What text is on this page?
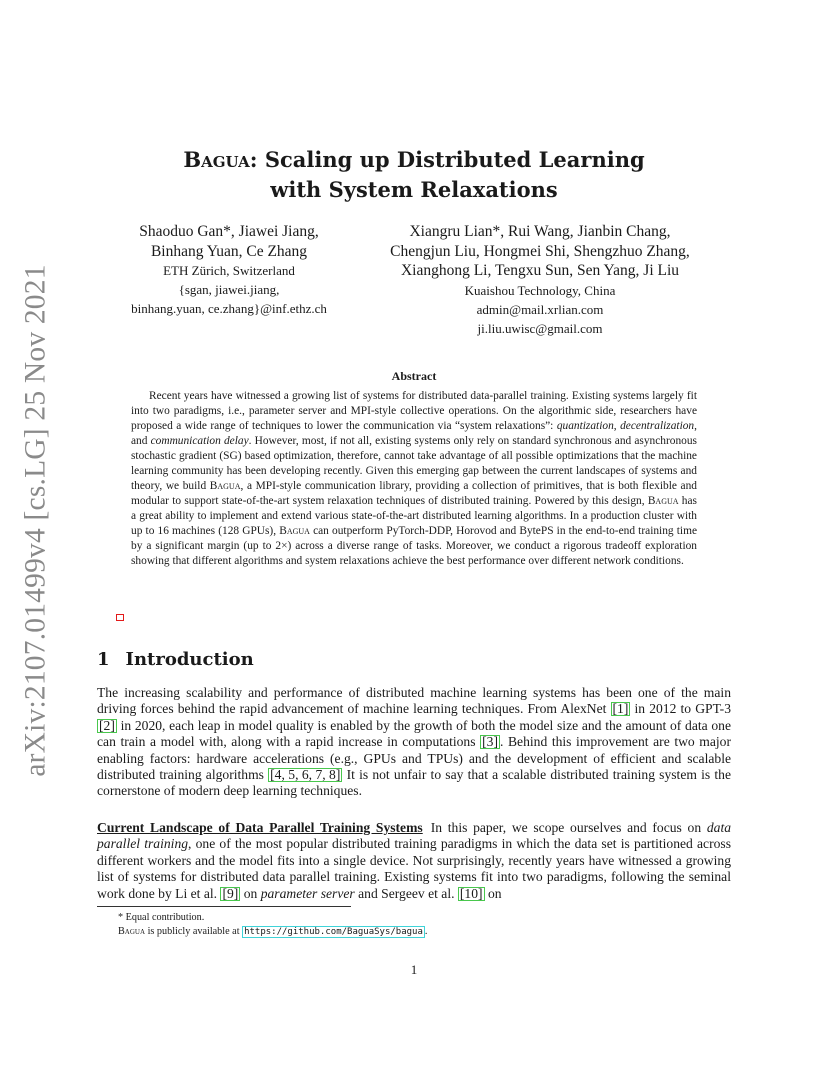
arXiv:2107.01499v4 [cs.LG] 25 Nov 2021
Bagua: Scaling up Distributed Learning
with System Relaxations
Shaoduo Gan*, Jiawei Jiang,
Binhang Yuan, Ce Zhang
ETH Zürich, Switzerland
{sgan, jiawei.jiang,
binhang.yuan, ce.zhang}@inf.ethz.ch
Xiangru Lian*, Rui Wang, Jianbin Chang,
Chengjun Liu, Hongmei Shi, Shengzhuo Zhang,
Xianghong Li, Tengxu Sun, Sen Yang, Ji Liu
Kuaishou Technology, China
admin@mail.xrlian.com
ji.liu.uwisc@gmail.com
Abstract
Recent years have witnessed a growing list of systems for distributed data-parallel training. Existing systems largely fit into two paradigms, i.e., parameter server and MPI-style collective operations. On the algorithmic side, researchers have proposed a wide range of techniques to lower the communication via “system relaxations”: quantization, decentralization, and communication delay. However, most, if not all, existing systems only rely on standard synchronous and asynchronous stochastic gradient (SG) based optimization, therefore, cannot take advantage of all possible optimizations that the machine learning community has been developing recently. Given this emerging gap between the current landscapes of systems and theory, we build Bagua, a MPI-style communication library, providing a collection of primitives, that is both flexible and modular to support state-of-the-art system relaxation techniques of distributed training. Powered by this design, Bagua has a great ability to implement and extend various state-of-the-art distributed learning algorithms. In a production cluster with up to 16 machines (128 GPUs), Bagua can outperform PyTorch-DDP, Horovod and BytePS in the end-to-end training time by a significant margin (up to 2×) across a diverse range of tasks. Moreover, we conduct a rigorous tradeoff exploration showing that different algorithms and system relaxations achieve the best performance over different network conditions.
1 Introduction
The increasing scalability and performance of distributed machine learning systems has been one of the main driving forces behind the rapid advancement of machine learning techniques. From AlexNet [1] in 2012 to GPT-3 [2] in 2020, each leap in model quality is enabled by the growth of both the model size and the amount of data one can train a model with, along with a rapid increase in computations [3] . Behind this improvement are two major enabling factors: hardware accelerations (e.g., GPUs and TPUs) and the development of efficient and scalable distributed training algorithms [4, 5, 6, 7, 8] It is not unfair to say that a scalable distributed training system is the cornerstone of modern deep learning techniques.
Current Landscape of Data Parallel Training Systems In this paper, we scope ourselves and focus on data parallel training, one of the most popular distributed training paradigms in which the data set is partitioned across different workers and the model fits into a single device. Not surprisingly, recently years have witnessed a growing list of systems for distributed data parallel training. Existing systems fit into two paradigms, following the seminal work done by Li et al. [9] on parameter server and Sergeev et al. [10] on
* Equal contribution.
Bagua is publicly available at https://github.com/BaguaSys/bagua .
1
